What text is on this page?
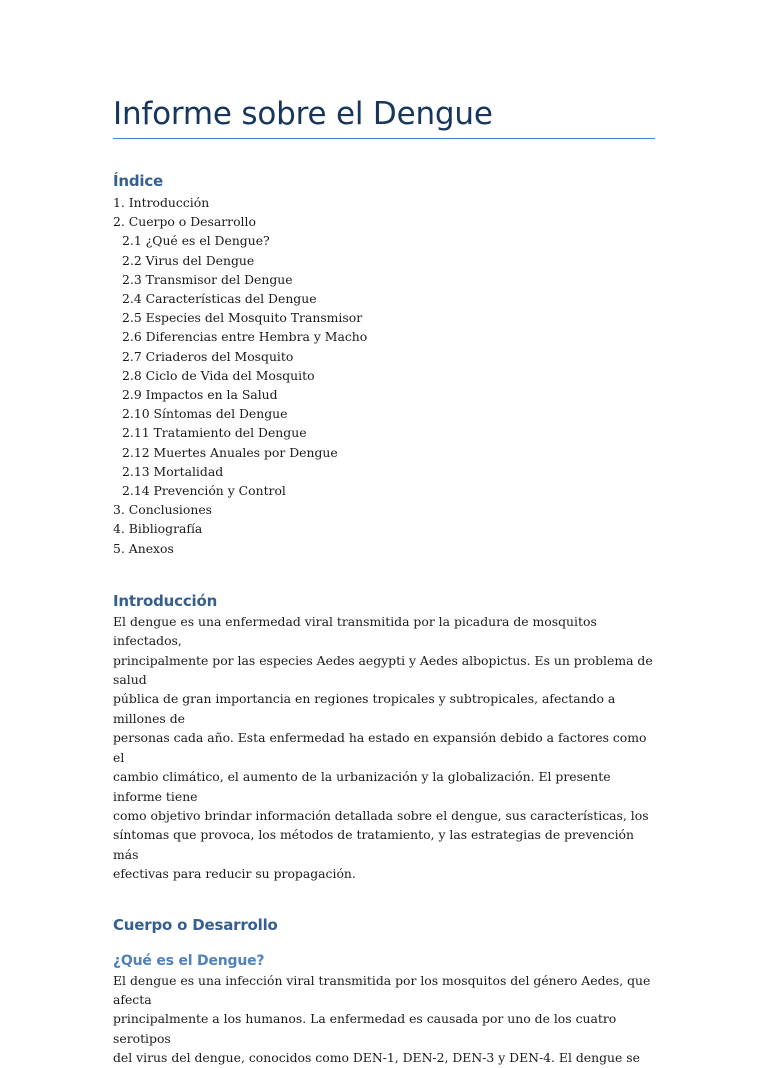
Informe sobre el Dengue
Índice
1. Introducción
2. Cuerpo o Desarrollo
2.1 ¿Qué es el Dengue?
2.2 Virus del Dengue
2.3 Transmisor del Dengue
2.4 Características del Dengue
2.5 Especies del Mosquito Transmisor
2.6 Diferencias entre Hembra y Macho
2.7 Criaderos del Mosquito
2.8 Ciclo de Vida del Mosquito
2.9 Impactos en la Salud
2.10 Síntomas del Dengue
2.11 Tratamiento del Dengue
2.12 Muertes Anuales por Dengue
2.13 Mortalidad
2.14 Prevención y Control
3. Conclusiones
4. Bibliografía
5. Anexos
Introducción

El dengue es una enfermedad viral transmitida por la picadura de mosquitos infectados,
principalmente por las especies Aedes aegypti y Aedes albopictus. Es un problema de salud
pública de gran importancia en regiones tropicales y subtropicales, afectando a millones de
personas cada año. Esta enfermedad ha estado en expansión debido a factores como el
cambio climático, el aumento de la urbanización y la globalización. El presente informe tiene
como objetivo brindar información detallada sobre el dengue, sus características, los
síntomas que provoca, los métodos de tratamiento, y las estrategias de prevención más
efectivas para reducir su propagación.

Cuerpo o Desarrollo
¿Qué es el Dengue?

El dengue es una infección viral transmitida por los mosquitos del género Aedes, que afecta
principalmente a los humanos. La enfermedad es causada por uno de los cuatro serotipos
del virus del dengue, conocidos como DEN-1, DEN-2, DEN-3 y DEN-4. El dengue se
